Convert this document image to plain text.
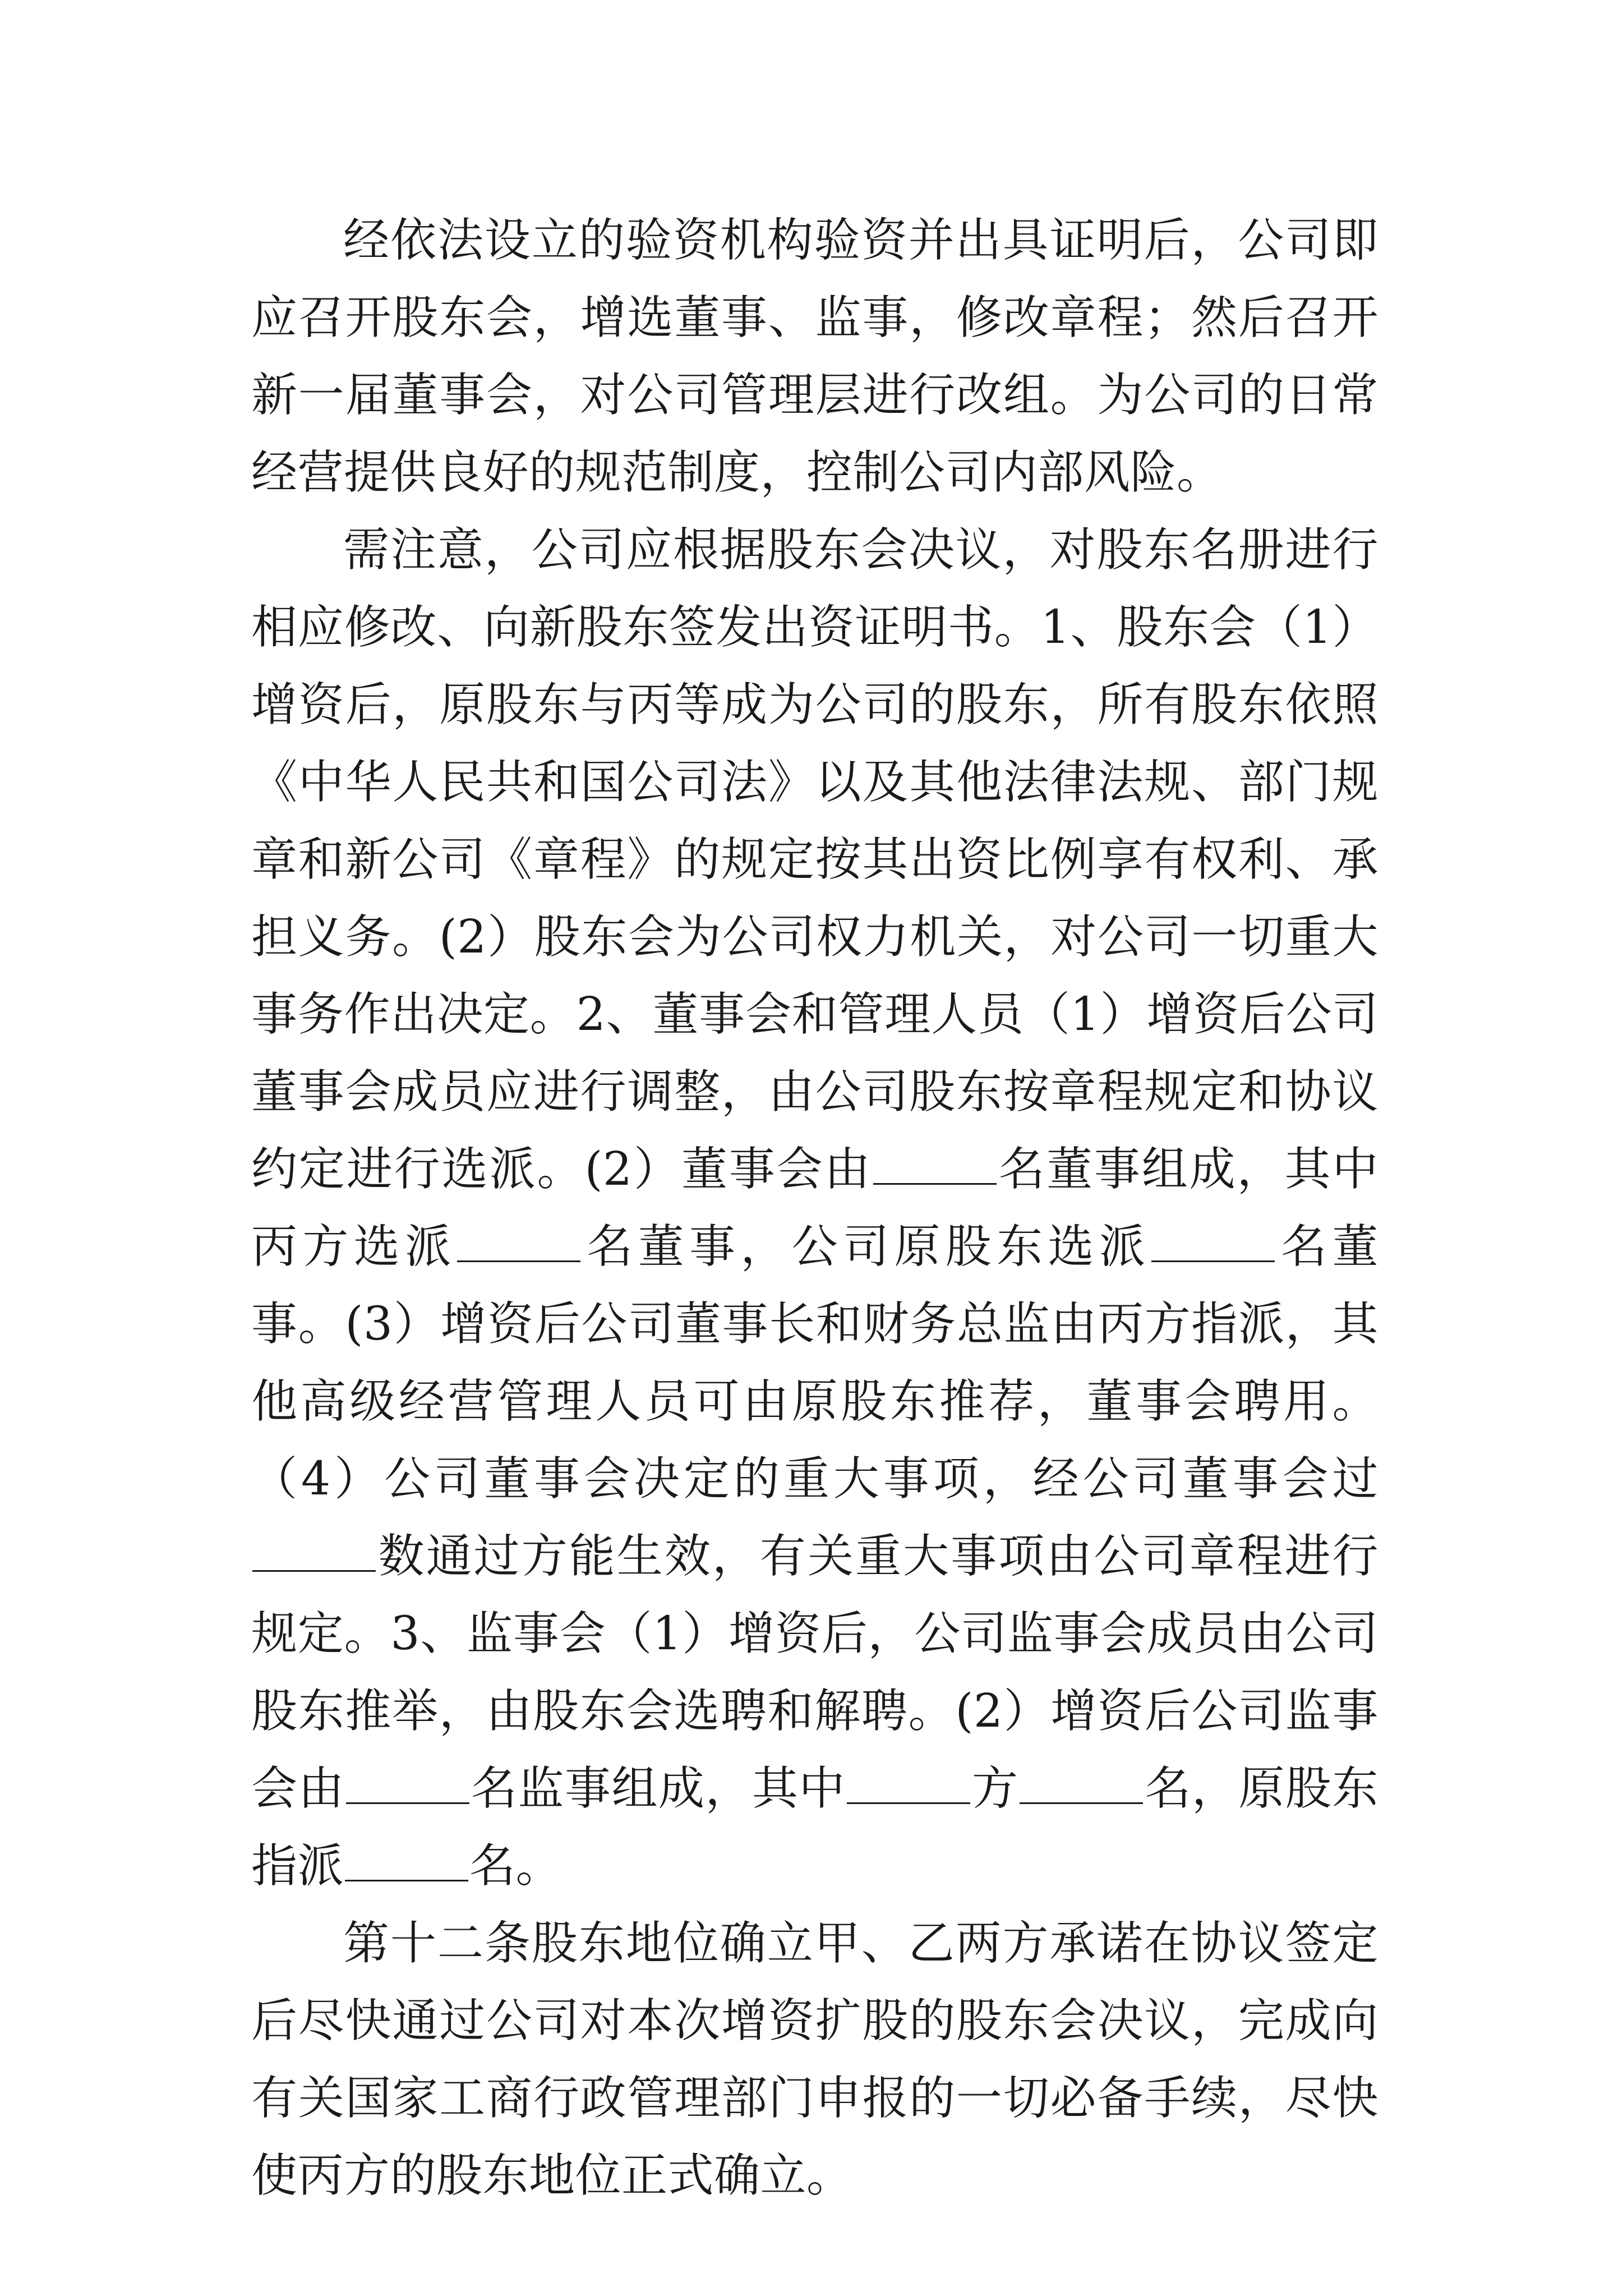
经依法设立的验资机构验资并出具证明后，公司即应召开股东会，增选董事、监事，修改章程；然后召开新一届董事会，对公司管理层进行改组。为公司的日常经营提供良好的规范制度，控制公司内部风险。

需注意，公司应根据股东会决议，对股东名册进行相应修改、向新股东签发出资证明书。1、股东会（1）增资后，原股东与丙等成为公司的股东，所有股东依照《中华人民共和国公司法》以及其他法律法规、部门规章和新公司《章程》的规定按其出资比例享有权利、承担义务。(2）股东会为公司权力机关，对公司一切重大事务作出决定。2、董事会和管理人员（1）增资后公司董事会成员应进行调整，由公司股东按章程规定和协议约定进行选派。(2）董事会由	名董事组成，其中丙方选派	名董事，公司原股东选派	名董事。(3）增资后公司董事长和财务总监由丙方指派，其他高级经营管理人员可由原股东推荐，董事会聘用。（4）公司董事会决定的重大事项，经公司董事会过数通过方能生效，有关重大事项由公司章程进行规定。3、监事会（1）增资后，公司监事会成员由公司股东推举，由股东会选聘和解聘。(2）增资后公司监事会由	名监事组成，其中	方	名，原股东指派	名。

第十二条股东地位确立甲、乙两方承诺在协议签定后尽快通过公司对本次增资扩股的股东会决议，完成向有关国家工商行政管理部门申报的一切必备手续，尽快使丙方的股东地位正式确立。
